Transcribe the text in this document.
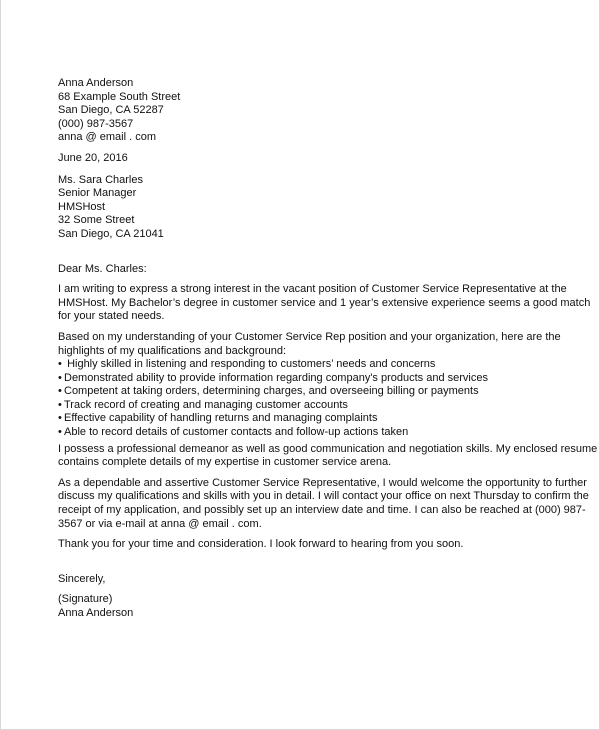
Anna Anderson
68 Example South Street
San Diego, CA 52287
(000) 987-3567
anna @ email . com
June 20, 2016
Ms. Sara Charles
Senior Manager
HMSHost
32 Some Street
San Diego, CA 21041

Dear Ms. Charles:

I am writing to express a strong interest in the vacant position of Customer Service Representative at the
HMSHost. My Bachelor’s degree in customer service and 1 year’s extensive experience seems a good match
for your stated needs.

Based on my understanding of your Customer Service Rep position and your organization, here are the
highlights of my qualifications and background:

• Highly skilled in listening and responding to customers’ needs and concerns
• Demonstrated ability to provide information regarding company's products and services
• Competent at taking orders, determining charges, and overseeing billing or payments
• Track record of creating and managing customer accounts
• Effective capability of handling returns and managing complaints
• Able to record details of customer contacts and follow-up actions taken

I possess a professional demeanor as well as good communication and negotiation skills. My enclosed resume
contains complete details of my expertise in customer service arena.

As a dependable and assertive Customer Service Representative, I would welcome the opportunity to further
discuss my qualifications and skills with you in detail. I will contact your office on next Thursday to confirm the
receipt of my application, and possibly set up an interview date and time. I can also be reached at (000) 987-
3567 or via e-mail at anna @ email . com.

Thank you for your time and consideration. I look forward to hearing from you soon.

Sincerely,

(Signature)
Anna Anderson
